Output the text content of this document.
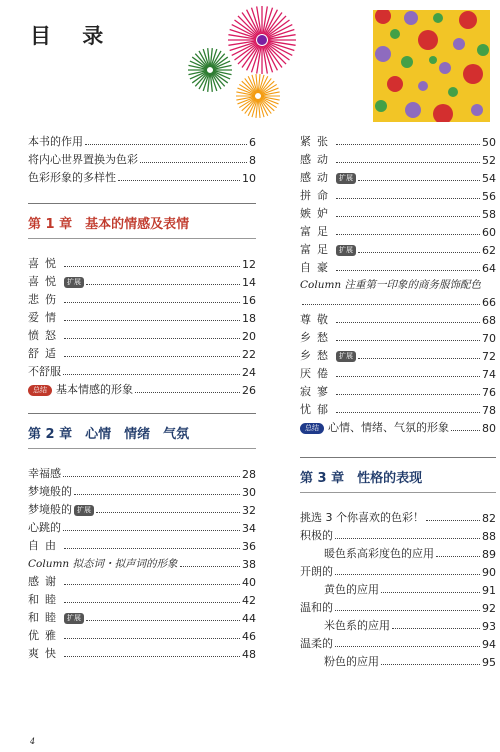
目 录
本书的作用	6
将内心世界置换为色彩	8
色彩形象的多样性	10
第 1 章　基本的情感及表情
喜悦	12
喜悦 扩展	14
悲伤	16
爱情	18
愤怒	20
舒适	22
不舒服	24
总结 基本情感的形象	26
第 2 章　心情　情绪　气氛
幸福感	28
梦境般的	30
梦境般的 扩展	32
心跳的	34
自由	36
Column 拟态词・拟声词的形象	38
感谢	40
和睦	42
和睦 扩展	44
优雅	46
爽快	48
紧张	50
感动	52
感动 扩展	54
拼命	56
嫉妒	58
富足	60
富足 扩展	62
自豪	64
Column 注重第一印象的商务服饰配色
66
尊敬	68
乡愁	70
乡愁 扩展	72
厌倦	74
寂寥	76
忧郁	78
总结 心情、情绪、气氛的形象	80
第 3 章　性格的表现
挑选 3 个你喜欢的色彩！	82
积极的	88
暖色系高彩度色的应用	89
开朗的	90
黄色的应用	91
温和的	92
米色系的应用	93
温柔的	94
粉色的应用	95
4
